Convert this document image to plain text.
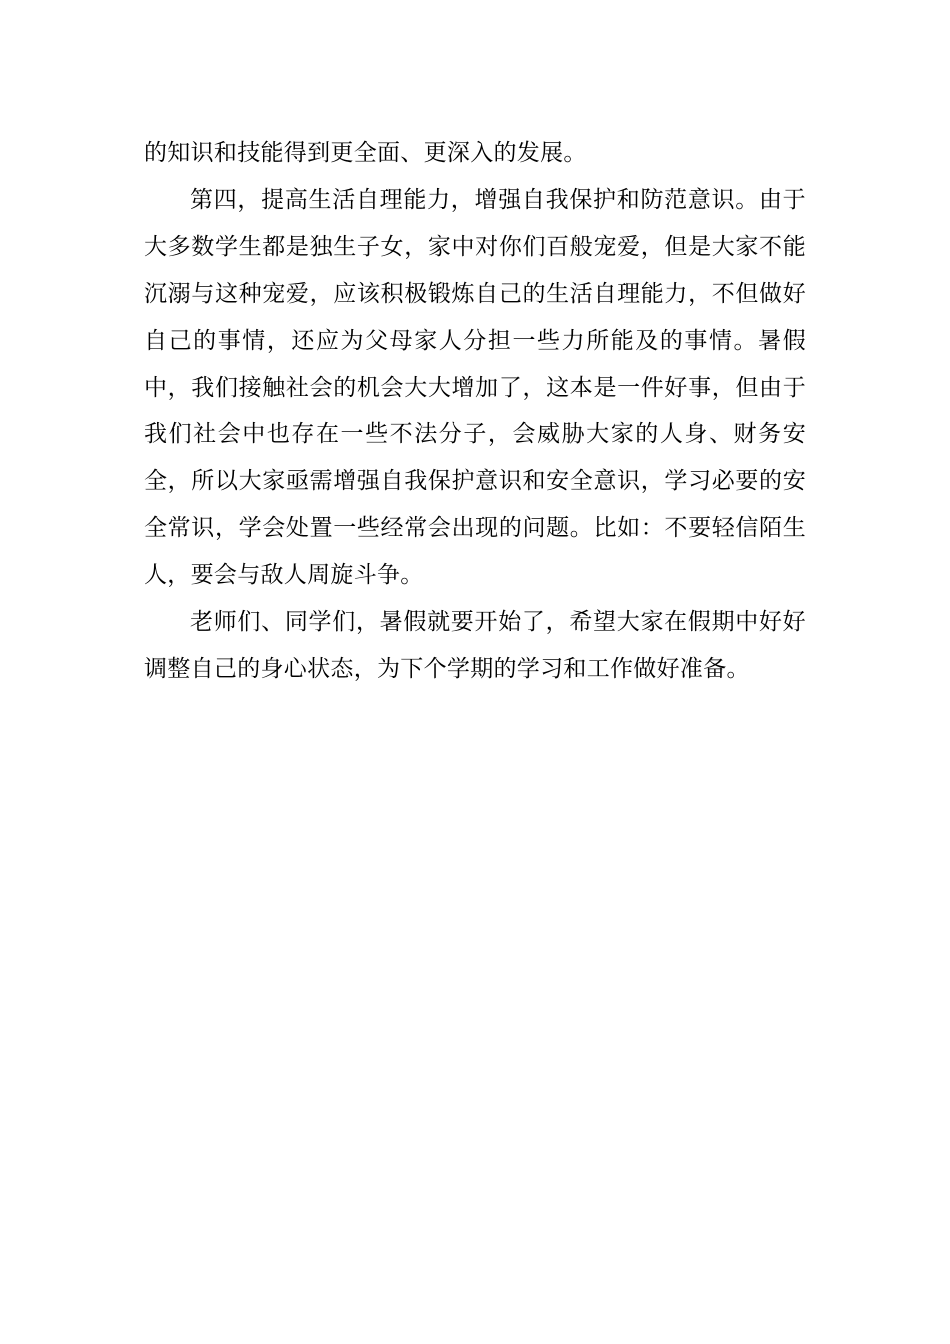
的知识和技能得到更全面、更深入的发展。

第四，提高生活自理能力，增强自我保护和防范意识。由于大多数学生都是独生子女，家中对你们百般宠爱，但是大家不能沉溺与这种宠爱，应该积极锻炼自己的生活自理能力，不但做好自己的事情，还应为父母家人分担一些力所能及的事情。暑假中，我们接触社会的机会大大增加了，这本是一件好事，但由于我们社会中也存在一些不法分子，会威胁大家的人身、财务安全，所以大家亟需增强自我保护意识和安全意识，学习必要的安全常识，学会处置一些经常会出现的问题。比如：不要轻信陌生人，要会与敌人周旋斗争。

老师们、同学们，暑假就要开始了，希望大家在假期中好好调整自己的身心状态，为下个学期的学习和工作做好准备。
